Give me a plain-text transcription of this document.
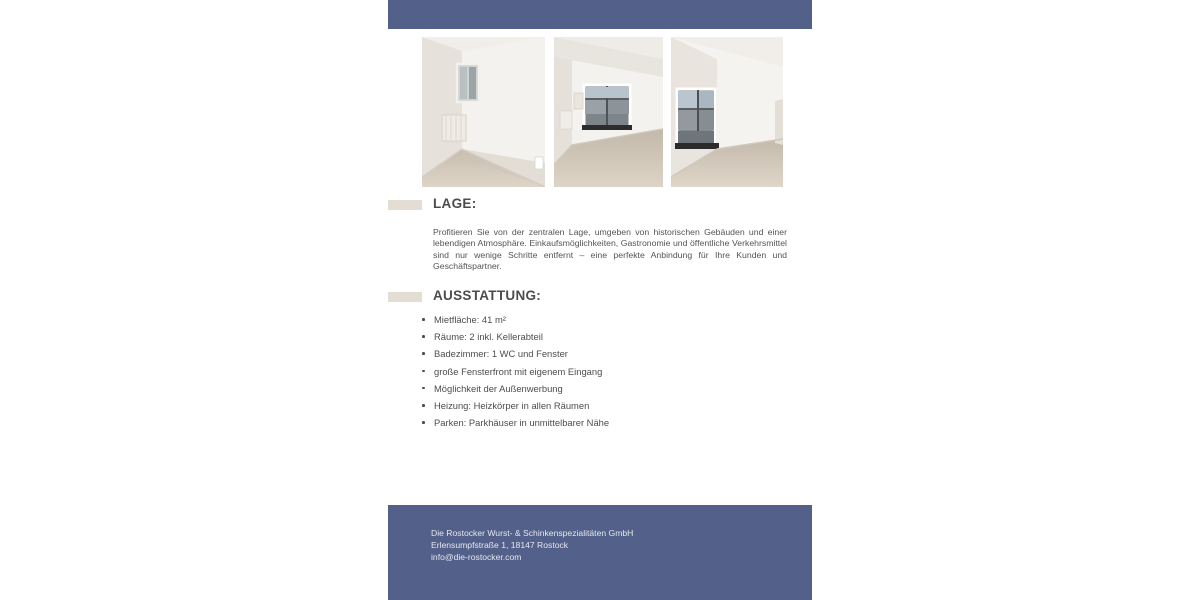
LAGE:

Profitieren Sie von der zentralen Lage, umgeben von historischen Gebäuden und einer lebendigen Atmosphäre. Einkaufsmöglichkeiten, Gastronomie und öffentliche Verkehrsmittel sind nur wenige Schritte entfernt – eine perfekte Anbindung für Ihre Kunden und Geschäftspartner.

AUSSTATTUNG:
Mietfläche: 41 m²
Räume: 2 inkl. Kellerabteil
Badezimmer: 1 WC und Fenster
große Fensterfront mit eigenem Eingang
Möglichkeit der Außenwerbung
Heizung: Heizkörper in allen Räumen
Parken: Parkhäuser in unmittelbarer Nähe
Die Rostocker Wurst- & Schinkenspezialitäten GmbH
Erlensumpfstraße 1, 18147 Rostock
info@die-rostocker.com
